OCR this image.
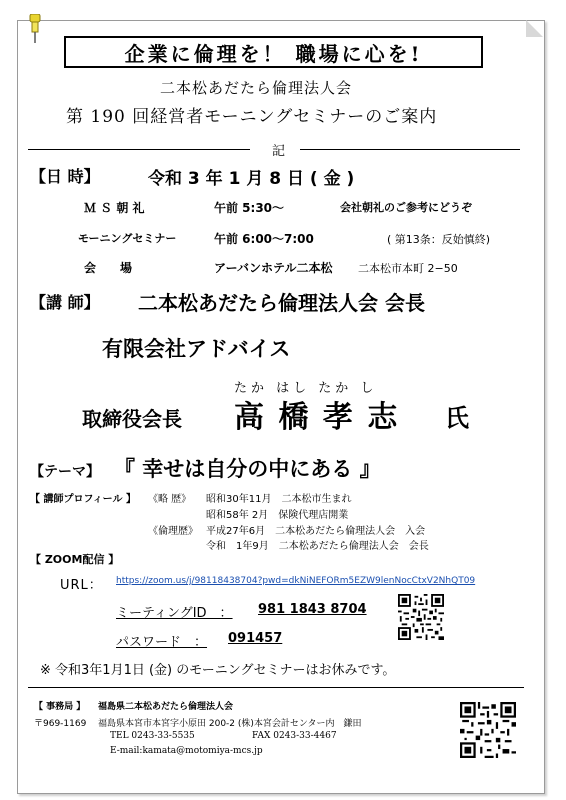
企業に倫理を！ 職場に心を!
二本松あだたら倫理法人会
第 190 回経営者モーニングセミナーのご案内
記
【日 時】	令和 3 年 1 月 8 日 ( 金 )
Ｍ Ｓ 朝 礼	午前 5:30～	会社朝礼のご参考にどうぞ
モーニングセミナー	午前 6:00～7:00	( 第13条：反始慎終)
会　　場	アーバンホテル二本松 二本松市本町 2−50
【講 師】 二本松あだたら倫理法人会 会長
有限会社アドバイス
たか はし たか し
取締役会長 高 橋 孝 志 氏
【テーマ】 『 幸せは自分の中にある 』
【 講師プロフィール 】 《略 歴》 昭和30年11月　二本松市生まれ
昭和58年 2月　保険代理店開業
《倫理歴》 平成27年6月　二本松あだたら倫理法人会　入会
令和　1年9月　二本松あだたら倫理法人会　会長
【 ZOOM配信 】
URL： https://zoom.us/j/98118438704?pwd=dkNiNEFORm5EZW9lenNocCtxV2NhQT09
ミーティングID　： 981 1843 8704
パスワード　： 091457
※ 令和3年1月1日 (金) のモーニングセミナーはお休みです。
【 事務局 】 福島県二本松あだたら倫理法人会
〒969-1169 福島県本宮市本宮字小原田 200-2 (株)本宮会計センター内　鎌田
TEL 0243-33-5535	FAX 0243-33-4467
E-mail:kamata@motomiya-mcs.jp
